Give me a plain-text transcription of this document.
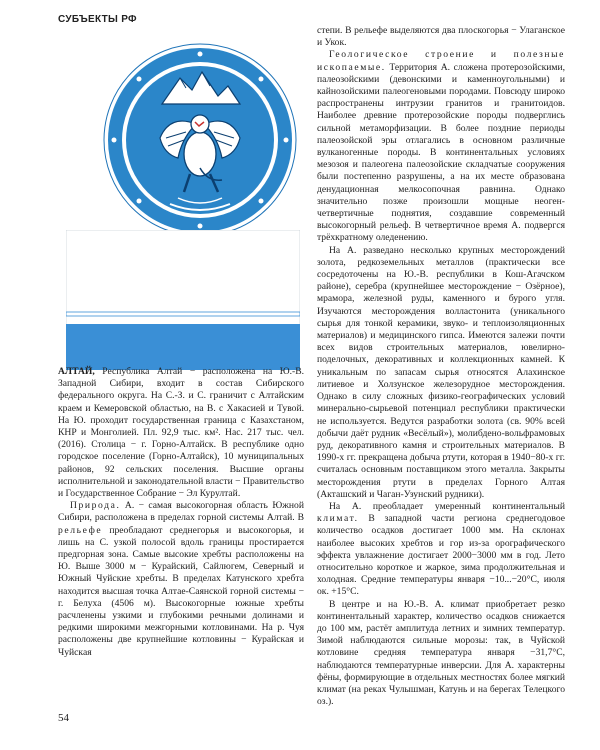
СУБЪЕКТЫ РФ

АЛТАЙ, Республика Алтай − расположена на Ю.-В. Западной Сибири, входит в состав Сибирского федерального округа. На С.-З. и С. граничит с Алтайским краем и Кемеровской областью, на В. с Хакасией и Тувой. На Ю. проходит государственная граница с Казахстаном, КНР и Монголией. Пл. 92,9 тыс. км². Нас. 217 тыс. чел. (2016). Столица − г. Горно-Алтайск. В республике одно городское поселение (Горно-Алтайск), 10 муниципальных районов, 92 сельских поселения. Высшие органы исполнительной и законодательной власти − Правительство и Государственное Собрание − Эл Курултай.

Природа. А. − самая высокогорная область Южной Сибири, расположена в пределах горной системы Алтай. В рельефе преобладают среднегорья и высокогорья, и лишь на С. узкой полосой вдоль границы простирается предгорная зона. Самые высокие хребты расположены на Ю. Выше 3000 м − Курайский, Сайлюгем, Северный и Южный Чуйские хребты. В пределах Катунского хребта находится высшая точка Алтае-Саянской горной системы − г. Белуха (4506 м). Высокогорные южные хребты расчленены узкими и глубокими речными долинами и редкими широкими межгорными котловинами. На р. Чуя расположены две крупнейшие котловины − Курайская и Чуйская

степи. В рельефе выделяются два плоскогорья − Улаганское и Укок.

Геологическое строение и полезные ископаемые. Территория А. сложена протерозойскими, палеозойскими (девонскими и каменноугольными) и кайнозойскими палеогеновыми породами. Повсюду широко распространены интрузии гранитов и гранитоидов. Наиболее древние протерозойские породы подверглись сильной метаморфизации. В более поздние периоды палеозойской эры отлагались в основном различные вулканогенные породы. В континентальных условиях мезозоя и палеогена палеозойские складчатые сооружения были постепенно разрушены, а на их месте образована денудационная мелкосопочная равнина. Однако значительно позже произошли мощные неоген-четвертичные поднятия, создавшие современный высокогорный рельеф. В четвертичное время А. подвергся трёхкратному оледенению.

На А. разведано несколько крупных месторождений золота, редкоземельных металлов (практически все сосредоточены на Ю.-В. республики в Кош-Агачском районе), серебра (крупнейшее месторождение − Озёрное), мрамора, железной руды, каменного и бурого угля. Изучаются месторождения волластонита (уникального сырья для тонкой керамики, звуко- и теплоизоляционных материалов) и медицинского гипса. Имеются залежи почти всех видов строительных материалов, ювелирно-поделочных, декоративных и коллекционных камней. К уникальным по запасам сырья относятся Алахинское литиевое и Холзунское железорудное месторождения. Однако в силу сложных физико-географических условий минерально-сырьевой потенциал республики практически не используется. Ведутся разработки золота (св. 90% всей добычи даёт рудник «Весёлый»), молибдено-вольфрамовых руд, декоративного камня и строительных материалов. В 1990-х гг. прекращена добыча ртути, которая в 1940−80-х гг. считалась основным поставщиком этого металла. Закрыты месторождения ртути в пределах Горного Алтая (Акташский и Чаган-Узунский рудники).

На А. преобладает умеренный континентальный климат. В западной части региона среднегодовое количество осадков достигает 1000 мм. На склонах наиболее высоких хребтов и гор из-за орографического эффекта увлажнение достигает 2000−3000 мм в год. Лето относительно короткое и жаркое, зима продолжительная и холодная. Средние температуры января −10...−20°С, июля ок. +15°С.

В центре и на Ю.-В. А. климат приобретает резко континентальный характер, количество осадков снижается до 100 мм, растёт амплитуда летних и зимних температур. Зимой наблюдаются сильные морозы: так, в Чуйской котловине средняя температура января −31,7°С, наблюдаются температурные инверсии. Для А. характерны фёны, формирующие в отдельных местностях более мягкий климат (на реках Чулышман, Катунь и на берегах Телецкого оз.).

54
